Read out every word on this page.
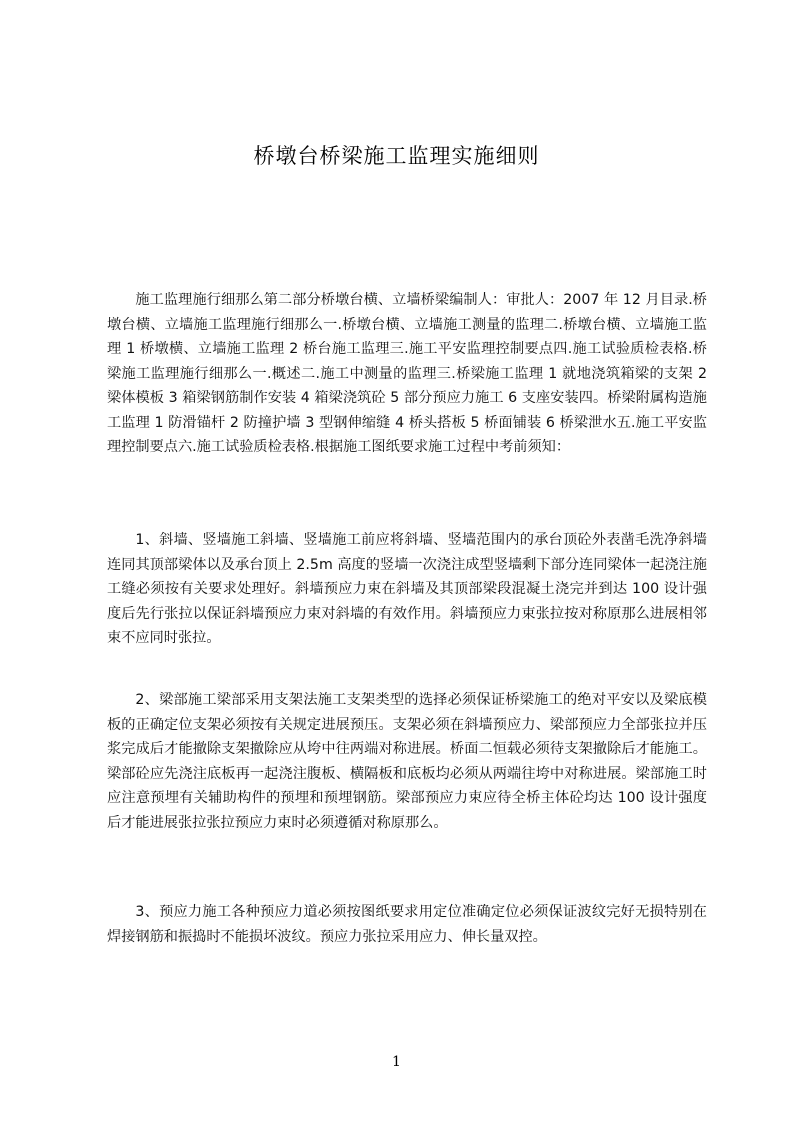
桥墩台桥梁施工监理实施细则

施工监理施行细那么第二部分桥墩台横、立墙桥梁编制人：审批人：2007 年 12 月目录.桥墩台横、立墙施工监理施行细那么一.桥墩台横、立墙施工测量的监理二.桥墩台横、立墙施工监理 1 桥墩横、立墙施工监理 2 桥台施工监理三.施工平安监理控制要点四.施工试验质检表格.桥梁施工监理施行细那么一.概述二.施工中测量的监理三.桥梁施工监理 1 就地浇筑箱梁的支架 2 梁体模板 3 箱梁钢筋制作安装 4 箱梁浇筑砼 5 部分预应力施工 6 支座安装四。桥梁附属构造施工监理 1 防滑锚杆 2 防撞护墙 3 型钢伸缩缝 4 桥头搭板 5 桥面铺装 6 桥梁泄水五.施工平安监理控制要点六.施工试验质检表格.根据施工图纸要求施工过程中考前须知：

1、斜墙、竖墙施工斜墙、竖墙施工前应将斜墙、竖墙范围内的承台顶砼外表凿毛洗净斜墙连同其顶部梁体以及承台顶上 2.5m 高度的竖墙一次浇注成型竖墙剩下部分连同梁体一起浇注施工缝必须按有关要求处理好。斜墙预应力束在斜墙及其顶部梁段混凝土浇完并到达 100 设计强度后先行张拉以保证斜墙预应力束对斜墙的有效作用。斜墙预应力束张拉按对称原那么进展相邻束不应同时张拉。

2、梁部施工梁部采用支架法施工支架类型的选择必须保证桥梁施工的绝对平安以及梁底模板的正确定位支架必须按有关规定进展预压。支架必须在斜墙预应力、梁部预应力全部张拉并压浆完成后才能撤除支架撤除应从垮中往两端对称进展。桥面二恒载必须待支架撤除后才能施工。梁部砼应先浇注底板再一起浇注腹板、横隔板和底板均必须从两端往垮中对称进展。梁部施工时应注意预埋有关辅助构件的预埋和预埋钢筋。梁部预应力束应待全桥主体砼均达 100 设计强度后才能进展张拉张拉预应力束时必须遵循对称原那么。

3、预应力施工各种预应力道必须按图纸要求用定位准确定位必须保证波纹完好无损特别在焊接钢筋和振捣时不能损坏波纹。预应力张拉采用应力、伸长量双控。

1
